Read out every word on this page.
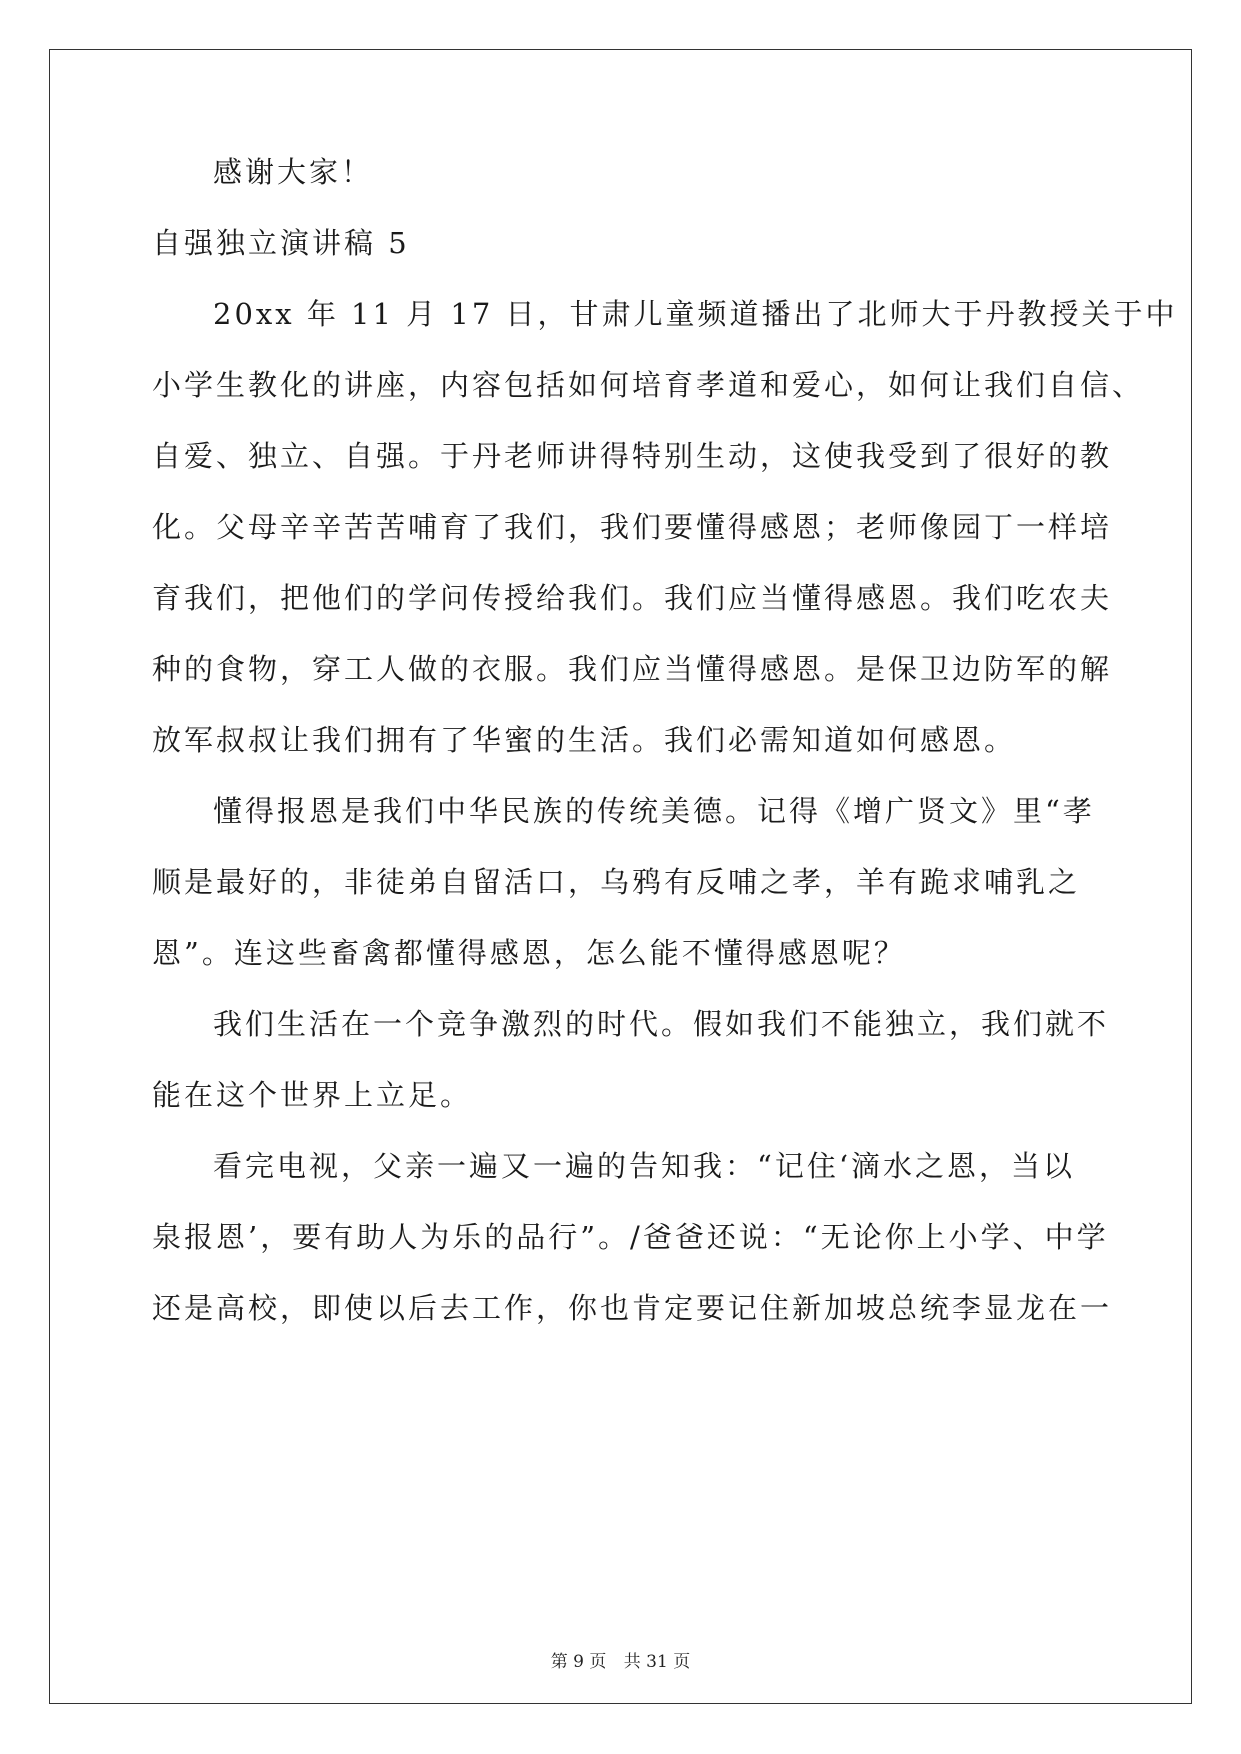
感谢大家！
自强独立演讲稿 5
20xx 年 11 月 17 日，甘肃儿童频道播出了北师大于丹教授关于中
小学生教化的讲座，内容包括如何培育孝道和爱心，如何让我们自信、
自爱、独立、自强。于丹老师讲得特别生动，这使我受到了很好的教
化。父母辛辛苦苦哺育了我们，我们要懂得感恩；老师像园丁一样培
育我们，把他们的学问传授给我们。我们应当懂得感恩。我们吃农夫
种的食物，穿工人做的衣服。我们应当懂得感恩。是保卫边防军的解
放军叔叔让我们拥有了华蜜的生活。我们必需知道如何感恩。
懂得报恩是我们中华民族的传统美德。记得《增广贤文》里“孝
顺是最好的，非徒弟自留活口，乌鸦有反哺之孝，羊有跪求哺乳之
恩”。连这些畜禽都懂得感恩，怎么能不懂得感恩呢？
我们生活在一个竞争激烈的时代。假如我们不能独立，我们就不
能在这个世界上立足。
看完电视，父亲一遍又一遍的告知我：“记住‘滴水之恩，当以
泉报恩’，要有助人为乐的品行”。/爸爸还说：“无论你上小学、中学
还是高校，即使以后去工作，你也肯定要记住新加坡总统李显龙在一
第 9 页 共 31 页
